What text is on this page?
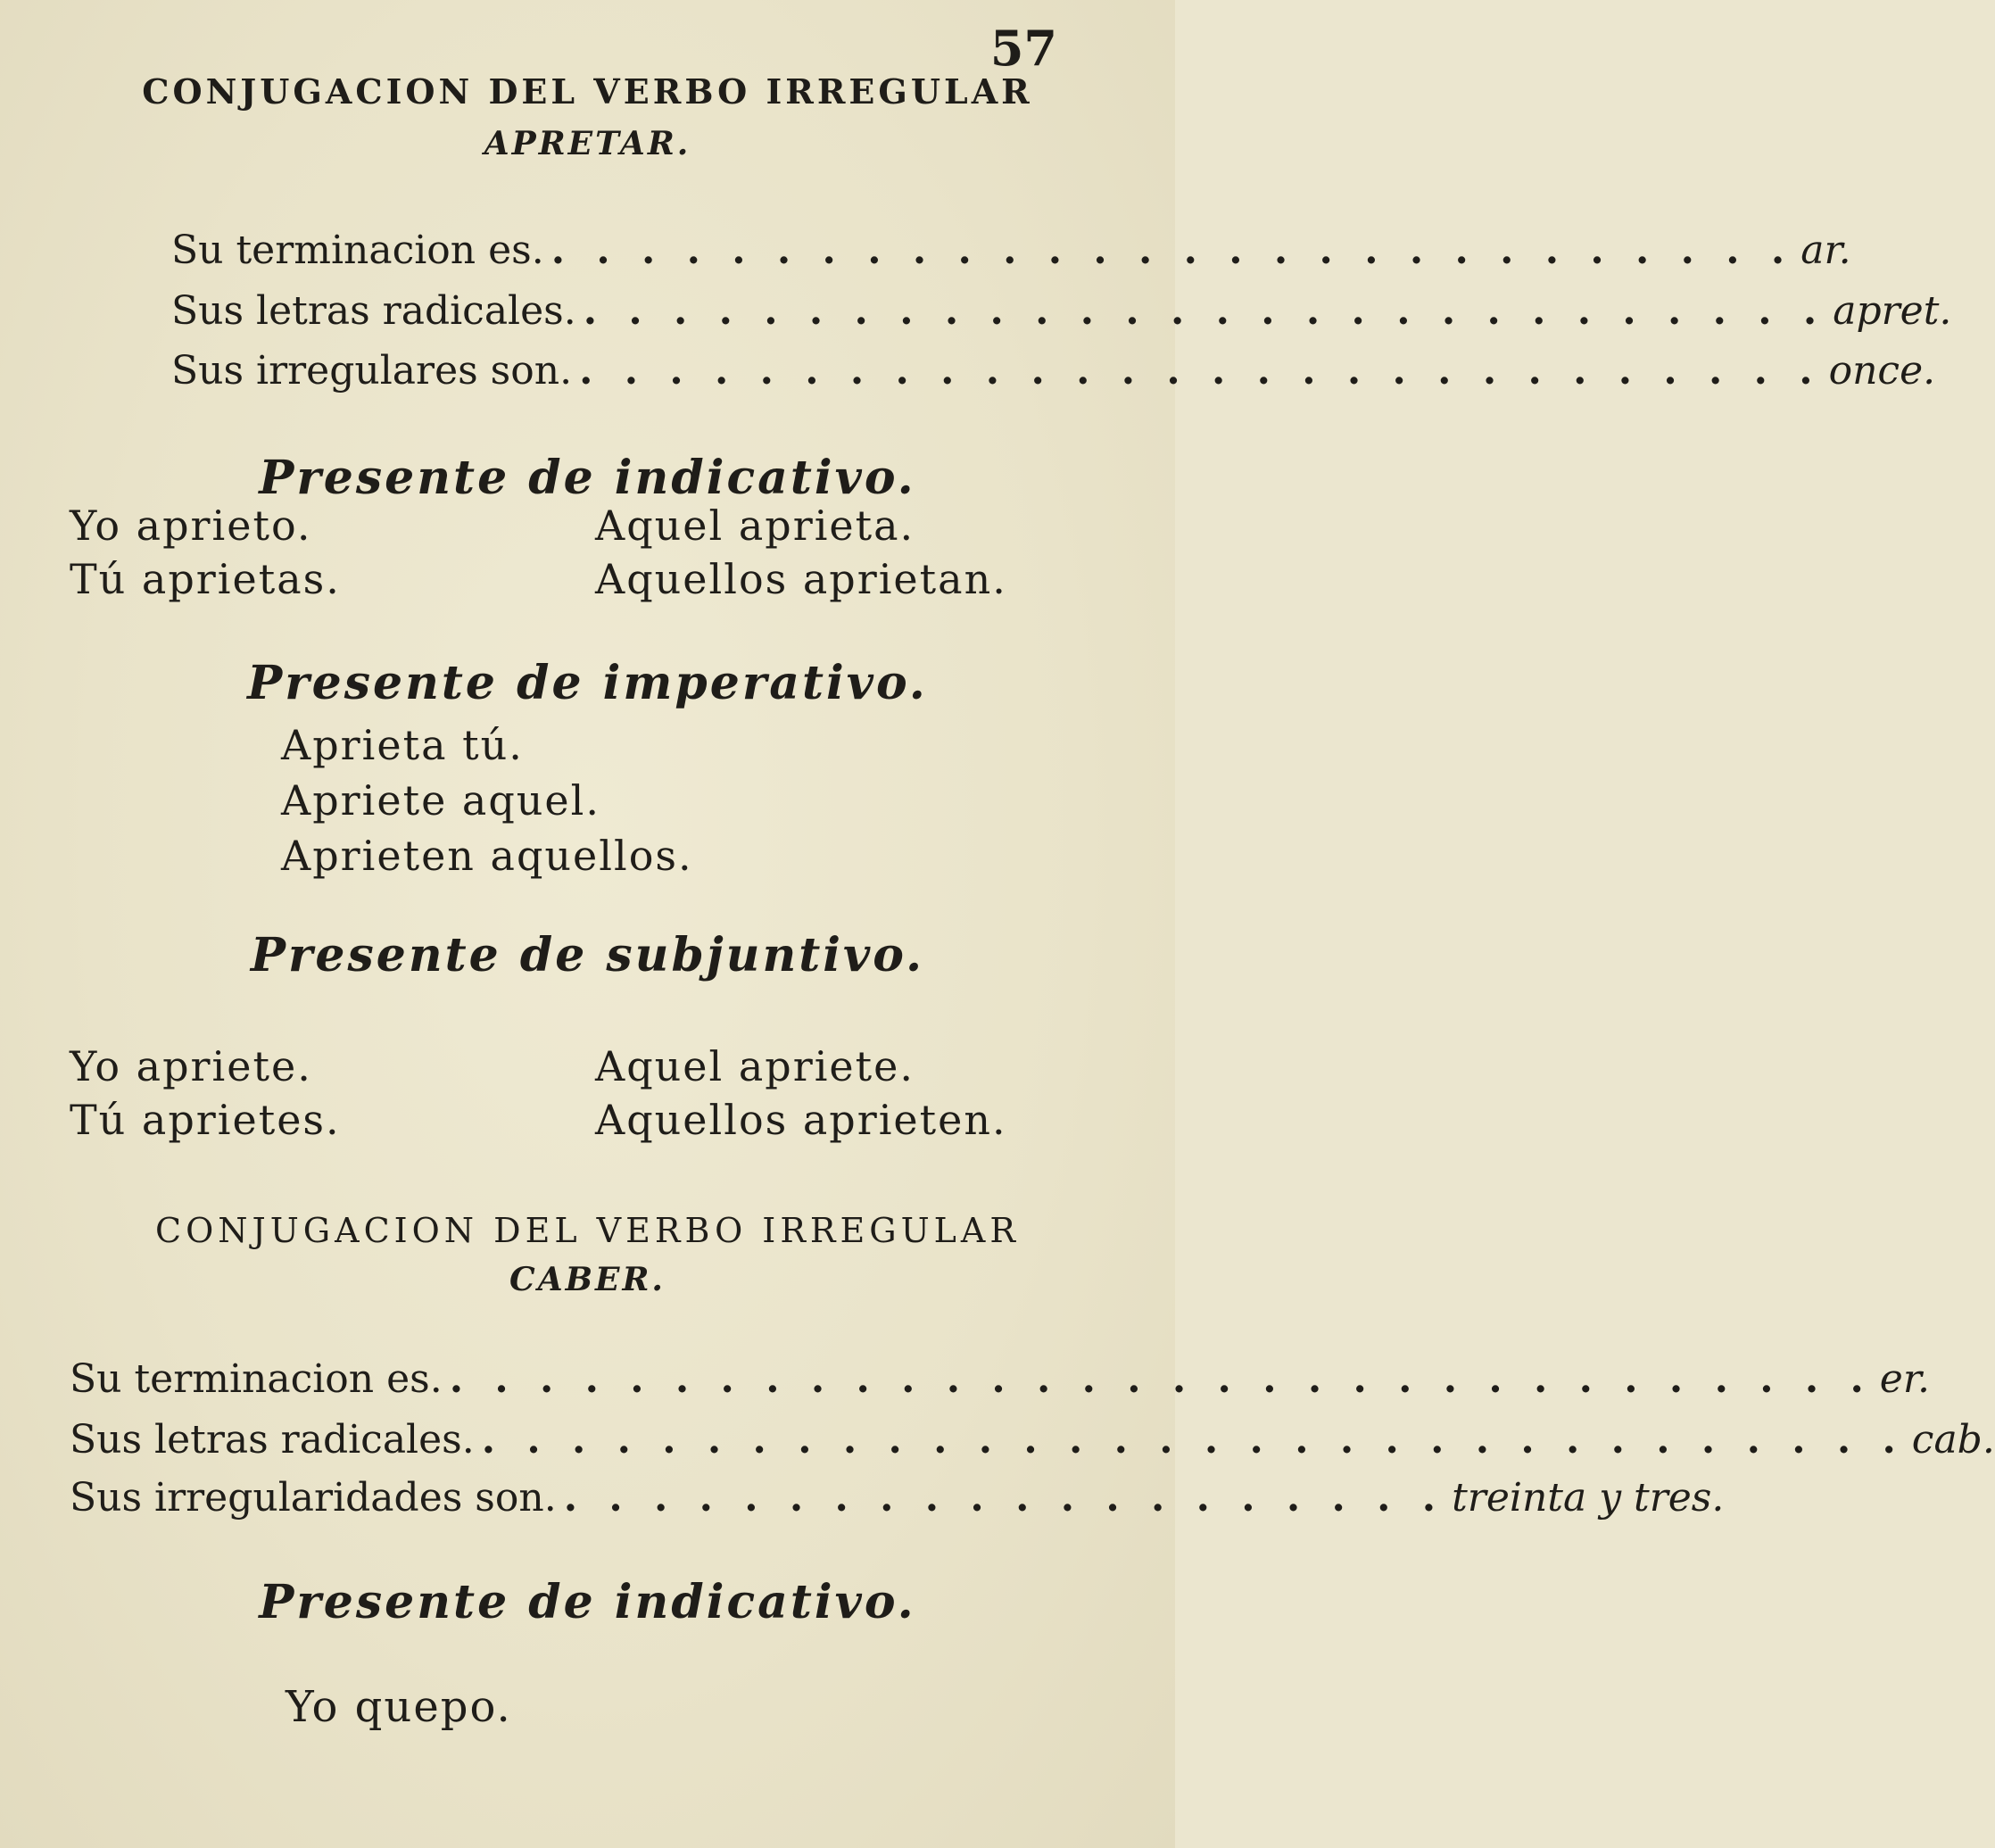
57
CONJUGACION DEL VERBO IRREGULAR
APRETAR.
Su terminacion es. . . . . . . . . . . . . . . . . . . . . . . . . . . . . ar.
Sus letras radicales. . . . . . . . . . . . . . . . . . . . . . . . . . . . . apret.
Sus irregulares son. . . . . . . . . . . . . . . . . . . . . . . . . . . . . once.
Presente de indicativo.
Yo aprieto.
Tú aprietas.
Aquel aprieta.
Aquellos aprietan.
Presente de imperativo.
Aprieta tú.
Apriete aquel.
Aprieten aquellos.
Presente de subjuntivo.
Yo apriete.
Tú aprietes.
Aquel apriete.
Aquellos aprieten.
CONJUGACION DEL VERBO IRREGULAR
CABER.
Su terminacion es. . . . . . . . . . . . . . . . . . . . . . . . . . . . . . . . . er.
Sus letras radicales. . . . . . . . . . . . . . . . . . . . . . . . . . . . . . . . . cab.
Sus irregularidades son. . . . . . . . . . . . . . . . . . . . . treinta y tres.
Presente de indicativo.
Yo quepo.
